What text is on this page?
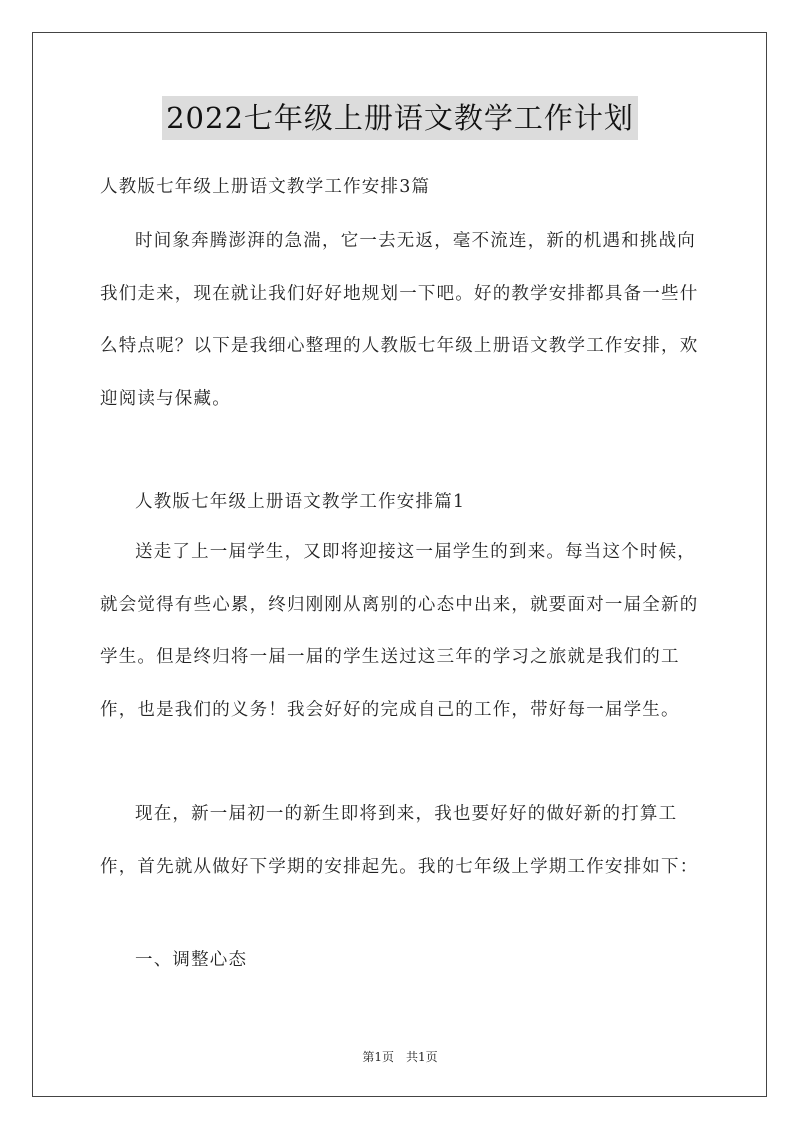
2022七年级上册语文教学工作计划
人教版七年级上册语文教学工作安排3篇

时间象奔腾澎湃的急湍，它一去无返，毫不流连，新的机遇和挑战向我们走来，现在就让我们好好地规划一下吧。好的教学安排都具备一些什么特点呢？以下是我细心整理的人教版七年级上册语文教学工作安排，欢迎阅读与保藏。

人教版七年级上册语文教学工作安排篇1

送走了上一届学生，又即将迎接这一届学生的到来。每当这个时候，就会觉得有些心累，终归刚刚从离别的心态中出来，就要面对一届全新的学生。但是终归将一届一届的学生送过这三年的学习之旅就是我们的工作，也是我们的义务！我会好好的完成自己的工作，带好每一届学生。

现在，新一届初一的新生即将到来，我也要好好的做好新的打算工作，首先就从做好下学期的安排起先。我的七年级上学期工作安排如下：

一、调整心态
第1页　共1页
